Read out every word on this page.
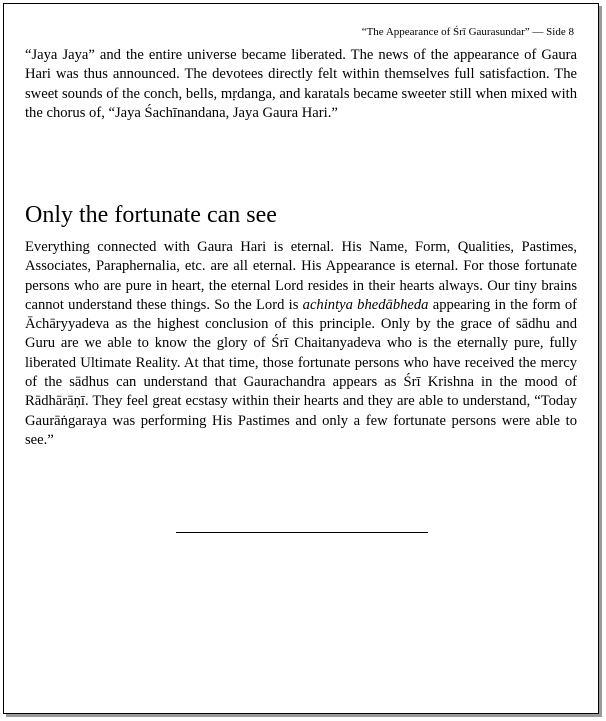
“The Appearance of Śrī Gaurasundar” — Side 8

“Jaya Jaya” and the entire universe became liberated. The news of the appearance of Gaura Hari was thus announced. The devotees directly felt within themselves full satisfaction. The sweet sounds of the conch, bells, mṛdanga, and karatals became sweeter still when mixed with the chorus of, “Jaya Śachīnandana, Jaya Gaura Hari.”

Only the fortunate can see

Everything connected with Gaura Hari is eternal. His Name, Form, Qualities, Pastimes, Associates, Paraphernalia, etc. are all eternal. His Appearance is eternal. For those fortunate persons who are pure in heart, the eternal Lord resides in their hearts always. Our tiny brains cannot understand these things. So the Lord is achintya bhedābheda appearing in the form of Āchāryyadeva as the highest conclusion of this principle. Only by the grace of sādhu and Guru are we able to know the glory of Śrī Chaitanyadeva who is the eternally pure, fully liberated Ultimate Reality. At that time, those fortunate persons who have received the mercy of the sādhus can understand that Gaurachandra appears as Śrī Krishna in the mood of Rādhārāṇī. They feel great ecstasy within their hearts and they are able to understand, “Today Gaurāṅgaraya was performing His Pastimes and only a few fortunate persons were able to see.”
